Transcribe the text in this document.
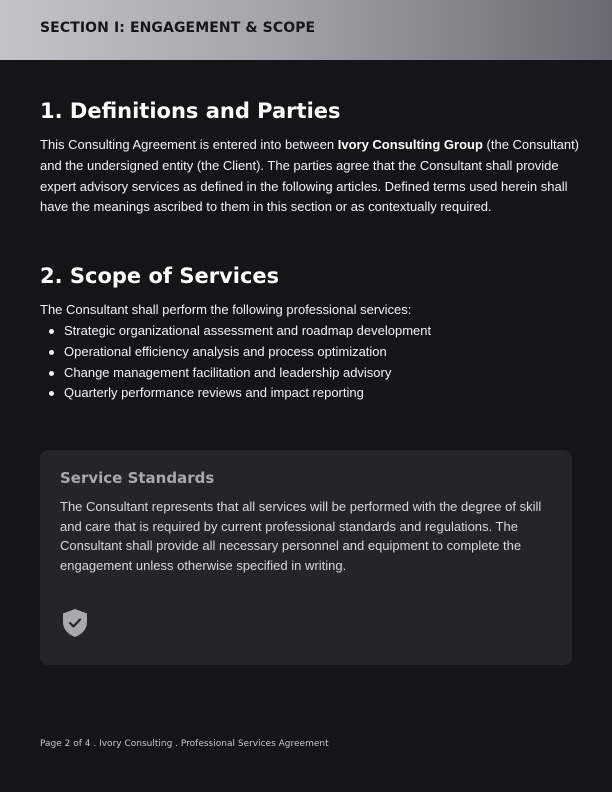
SECTION I: ENGAGEMENT & SCOPE
1. Definitions and Parties

This Consulting Agreement is entered into between Ivory Consulting Group (the Consultant) and the undersigned entity (the Client). The parties agree that the Consultant shall provide expert advisory services as defined in the following articles. Defined terms used herein shall have the meanings ascribed to them in this section or as contextually required.

2. Scope of Services

The Consultant shall perform the following professional services:

Strategic organizational assessment and roadmap development
Operational efficiency analysis and process optimization
Change management facilitation and leadership advisory
Quarterly performance reviews and impact reporting
Service Standards

The Consultant represents that all services will be performed with the degree of skill and care that is required by current professional standards and regulations. The Consultant shall provide all necessary personnel and equipment to complete the engagement unless otherwise specified in writing.

Page 2 of 4 . Ivory Consulting . Professional Services Agreement
